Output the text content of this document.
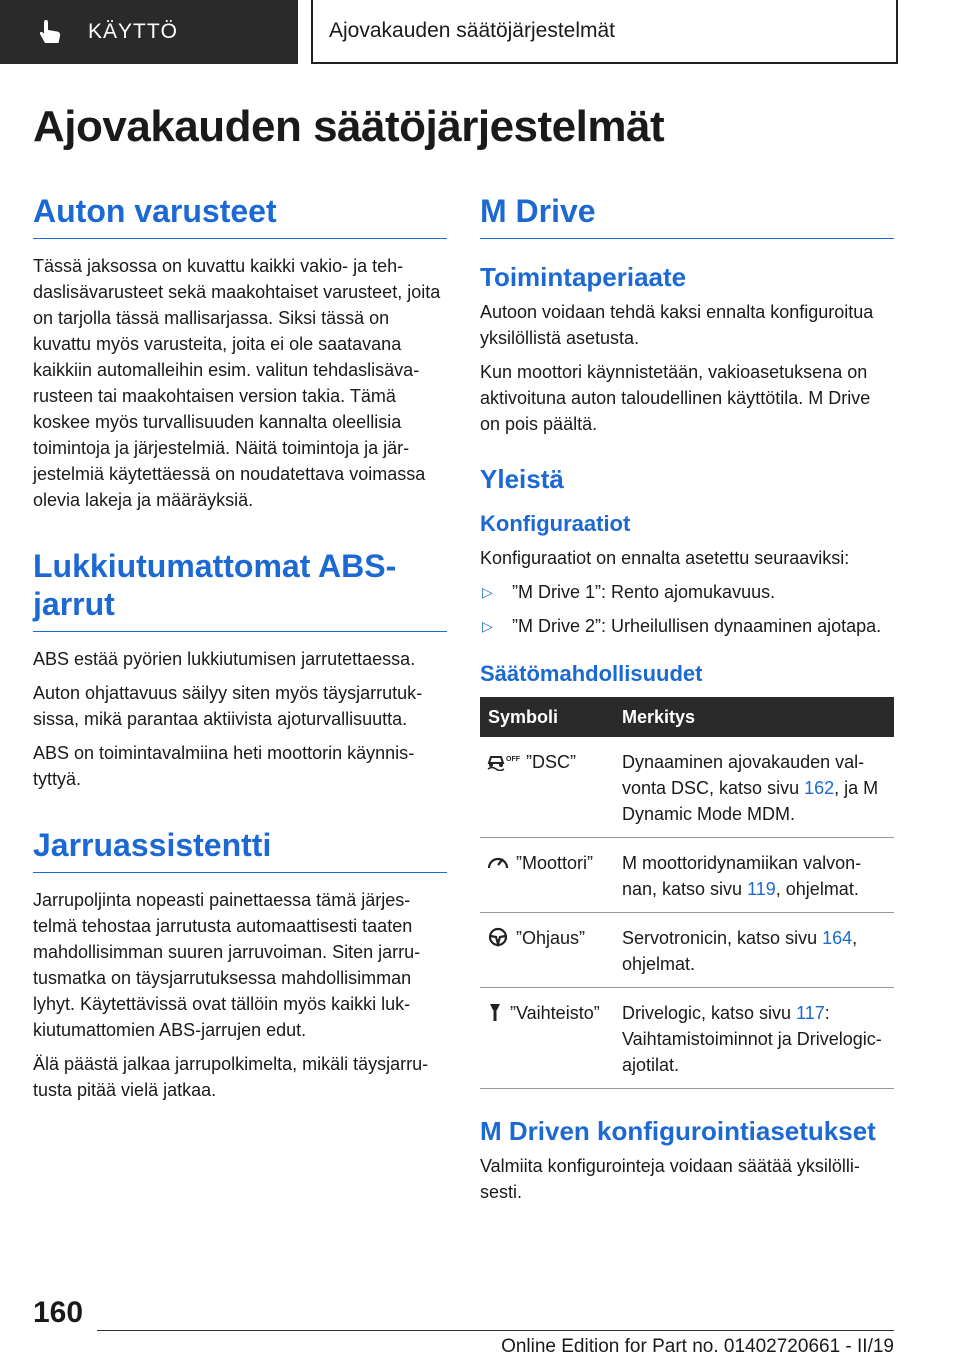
KÄYTTÖ	Ajovakauden säätöjärjestelmät
Ajovakauden säätöjärjestelmät
Auton varusteet

Tässä jaksossa on kuvattu kaikki vakio- ja tehdaslisävarusteet sekä maakohtaiset varusteet, joita on tarjolla tässä mallisarjassa. Siksi tässä on kuvattu myös varusteita, joita ei ole saatavana kaikkiin automalleihin esim. valitun tehdaslisävarusteen tai maakohtaisen version takia. Tämä koskee myös turvallisuuden kannalta oleellisia toimintoja ja järjestelmiä. Näitä toimintoja ja järjestelmiä käytettäessä on noudatettava voimassa olevia lakeja ja määräyksiä.

Lukkiutumattomat ABS-jarrut

ABS estää pyörien lukkiutumisen jarrutettaessa.

Auton ohjattavuus säilyy siten myös täysjarrutuksissa, mikä parantaa aktiivista ajoturvallisuutta.

ABS on toimintavalmiina heti moottorin käynnistyttyä.

Jarruassistentti

Jarrupoljinta nopeasti painettaessa tämä järjestelmä tehostaa jarrutusta automaattisesti taaten mahdollisimman suuren jarruvoiman. Siten jarrutusmatka on täysjarrutuksessa mahdollisimman lyhyt. Käytettävissä ovat tällöin myös kaikki lukkiutumattomien ABS-jarrujen edut.

Älä päästä jalkaa jarrupolkimelta, mikäli täysjarrutusta pitää vielä jatkaa.

M Drive
Toimintaperiaate

Autoon voidaan tehdä kaksi ennalta konfiguroitua yksilöllistä asetusta.

Kun moottori käynnistetään, vakioasetuksena on aktivoituna auton taloudellinen käyttötila. M Drive on pois päältä.

Yleistä
Konfiguraatiot

Konfiguraatiot on ennalta asetettu seuraaviksi:

▷ ”M Drive 1”: Rento ajomukavuus.
▷ ”M Drive 2”: Urheilullisen dynaaminen ajotapa.
Säätömahdollisuudet
Symboli	Merkitys

OFF ”DSC”	Dynaaminen ajovakauden valvonta DSC, katso sivu 162, ja M Dynamic Mode MDM.
”Moottori”	M moottoridynamiikan valvonnan, katso sivu 119, ohjelmat.
”Ohjaus”	Servotronicin, katso sivu 164, ohjelmat.
”Vaihteisto”	Drivelogic, katso sivu 117: Vaihtamistoiminnot ja Drivelogic-ajotilat.
M Driven konfigurointiasetukset

Valmiita konfigurointeja voidaan säätää yksilöllisesti.

160
Online Edition for Part no. 01402720661 - II/19
